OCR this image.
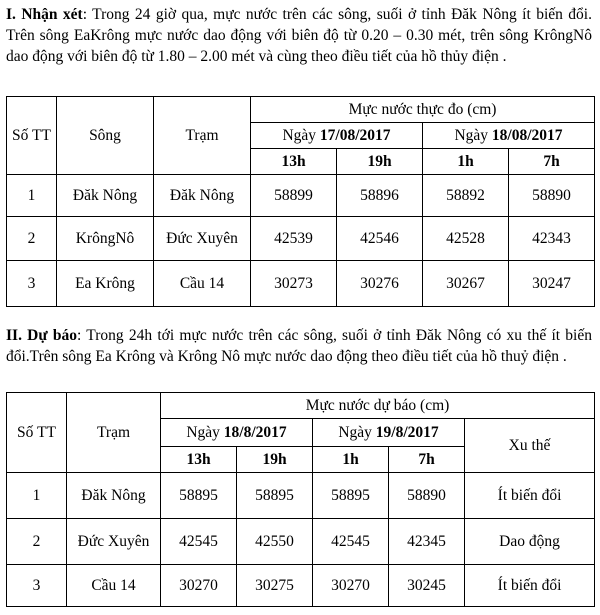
I. Nhận xét: Trong 24 giờ qua, mực nước trên các sông, suối ở tỉnh Đăk Nông ít biến đổi. Trên sông EaKrông mực nước dao động với biên độ từ 0.20 – 0.30 mét, trên sông KrôngNô dao động với biên độ từ 1.80 – 2.00 mét và cùng theo điều tiết của hồ thủy điện .
Số TT	Sông	Trạm	Mực nước thực đo (cm)			
			Ngày 17/08/2017		Ngày 18/08/2017	
			13h	19h	1h	7h
1	Đăk Nông	Đăk Nông	58899	58896	58892	58890
2	KrôngNô	Đức Xuyên	42539	42546	42528	42343
3	Ea Krông	Cầu 14	30273	30276	30267	30247
II. Dự báo: Trong 24h tới mực nước trên các sông, suối ở tỉnh Đăk Nông có xu thế ít biến đổi.Trên sông Ea Krông và Krông Nô mực nước dao động theo điều tiết của hồ thuỷ điện .
Số TT	Trạm	Mực nước dự báo (cm)				
		Ngày 18/8/2017		Ngày 19/8/2017		Xu thế
		13h	19h	1h	7h	
1	Đăk Nông	58895	58895	58895	58890	Ít biến đổi
2	Đức Xuyên	42545	42550	42545	42345	Dao động
3	Cầu 14	30270	30275	30270	30245	Ít biến đổi
